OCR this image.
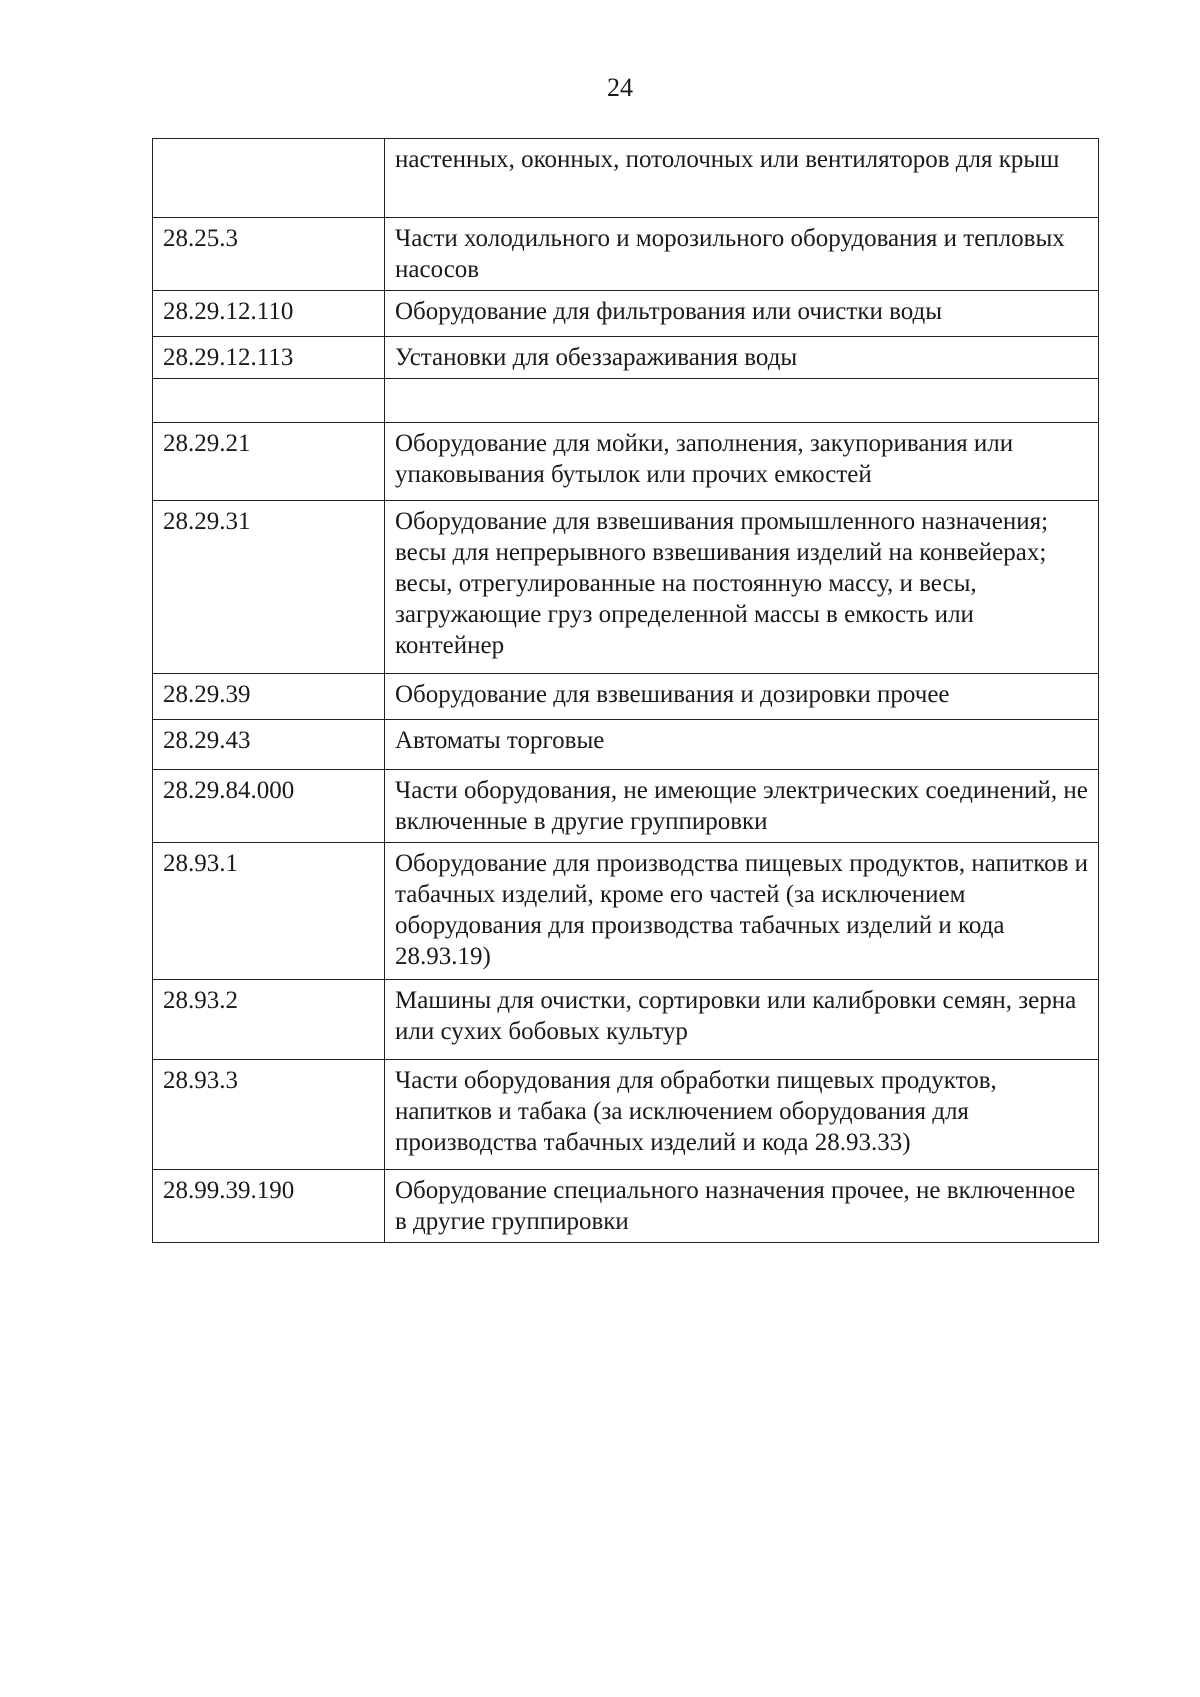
24
	настенных, оконных, потолочных или вентиляторов для крыш
28.25.3	Части холодильного и морозильного оборудования и тепловых насосов
28.29.12.110	Оборудование для фильтрования или очистки воды
28.29.12.113	Установки для обеззараживания воды

28.29.21	Оборудование для мойки, заполнения, закупоривания или упаковывания бутылок или прочих емкостей
28.29.31	Оборудование для взвешивания промышленного назначения; весы для непрерывного взвешивания изделий на конвейерах; весы, отрегулированные на постоянную массу, и весы, загружающие груз определенной массы в емкость или контейнер
28.29.39	Оборудование для взвешивания и дозировки прочее
28.29.43	Автоматы торговые
28.29.84.000	Части оборудования, не имеющие электрических соединений, не включенные в другие группировки
28.93.1	Оборудование для производства пищевых продуктов, напитков и табачных изделий, кроме его частей (за исключением оборудования для производства табачных изделий и кода 28.93.19)
28.93.2	Машины для очистки, сортировки или калибровки семян, зерна или сухих бобовых культур
28.93.3	Части оборудования для обработки пищевых продуктов, напитков и табака (за исключением оборудования для производства табачных изделий и кода 28.93.33)
28.99.39.190	Оборудование специального назначения прочее, не включенное в другие группировки
